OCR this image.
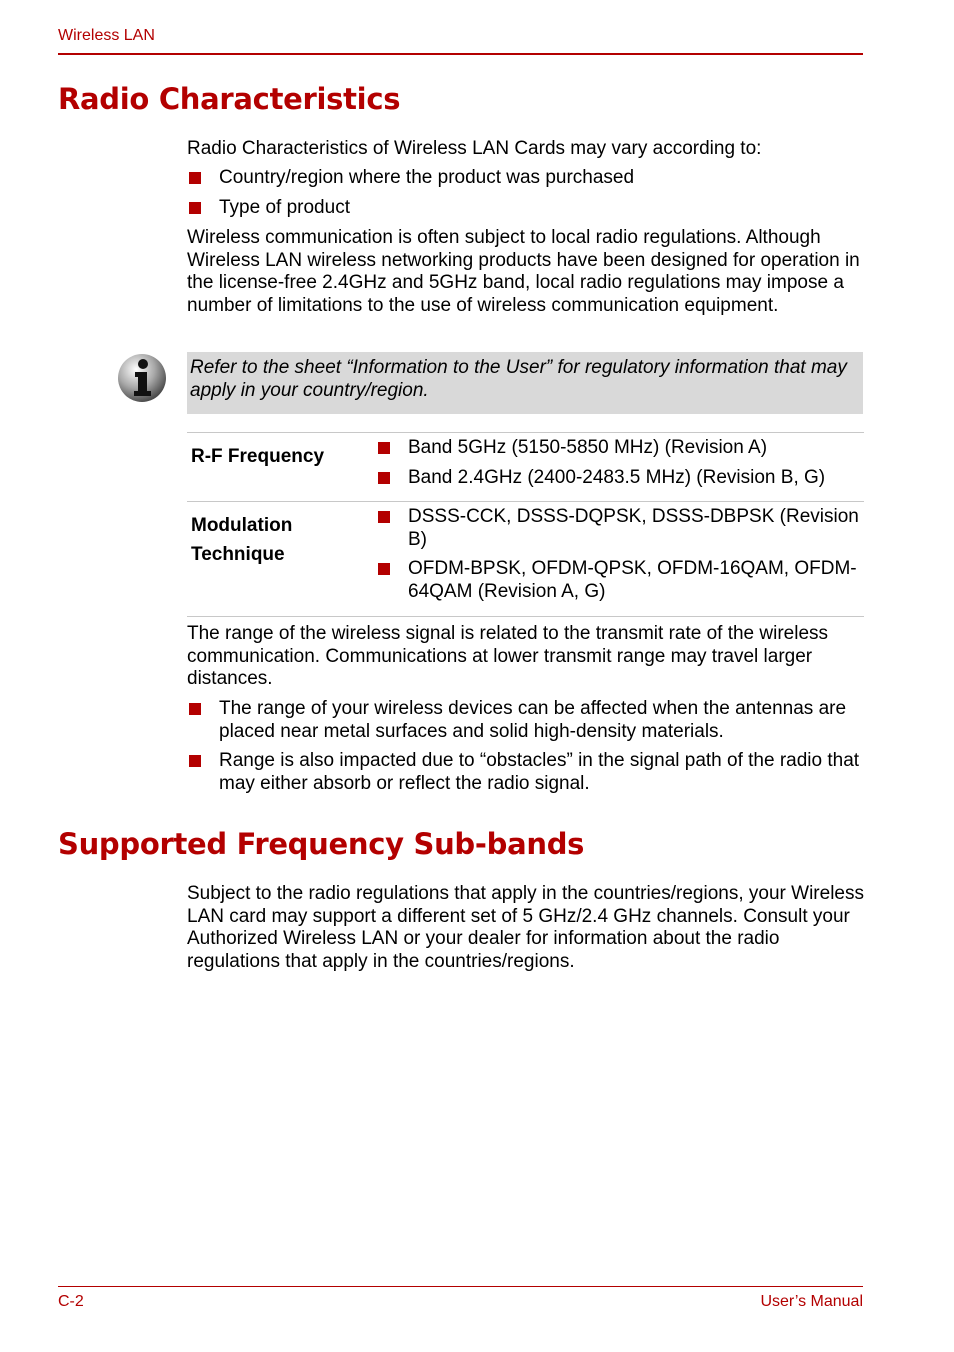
Wireless LAN
Radio Characteristics

Radio Characteristics of Wireless LAN Cards may vary according to:

Country/region where the product was purchased
Type of product

Wireless communication is often subject to local radio regulations. Although Wireless LAN wireless networking products have been designed for operation in the license-free 2.4GHz and 5GHz band, local radio regulations may impose a number of limitations to the use of wireless communication equipment.

Refer to the sheet “Information to the User” for regulatory information that may apply in your country/region.
R-F Frequency	Band 5GHz (5150-5850 MHz) (Revision A)
Band 2.4GHz (2400-2483.5 MHz) (Revision B, G)
Modulation
Technique
DSSS-CCK, DSSS-DQPSK, DSSS-DBPSK (Revision B)
OFDM-BPSK, OFDM-QPSK, OFDM-16QAM, OFDM-64QAM (Revision A, G)

The range of the wireless signal is related to the transmit rate of the wireless communication. Communications at lower transmit range may travel larger distances.

The range of your wireless devices can be affected when the antennas are placed near metal surfaces and solid high-density materials.
Range is also impacted due to “obstacles” in the signal path of the radio that may either absorb or reflect the radio signal.
Supported Frequency Sub-bands

Subject to the radio regulations that apply in the countries/regions, your Wireless LAN card may support a different set of 5 GHz/2.4 GHz channels. Consult your Authorized Wireless LAN or your dealer for information about the radio regulations that apply in the countries/regions.

C-2	User’s Manual
